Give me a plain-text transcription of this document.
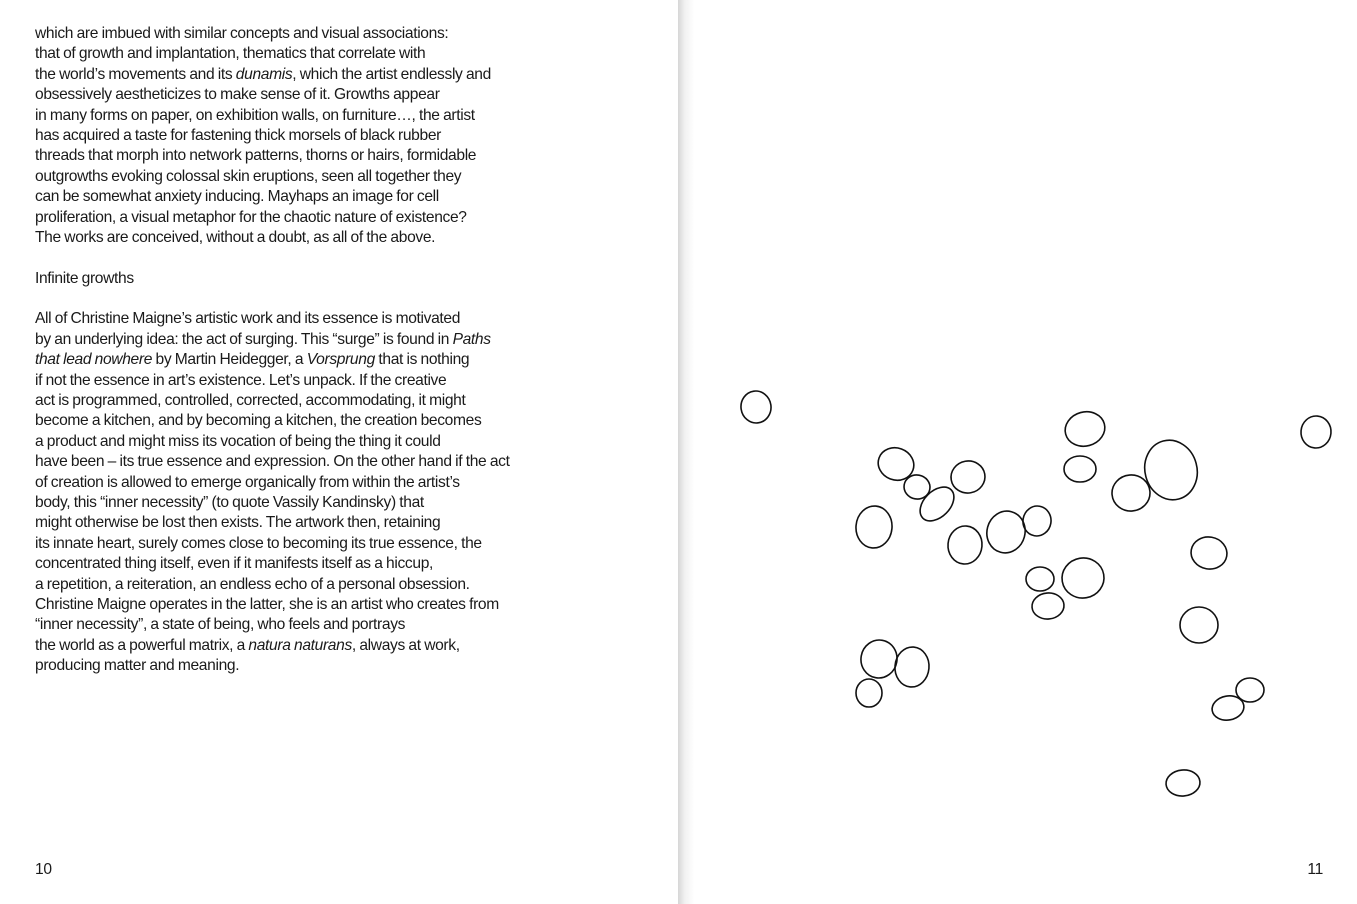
which are imbued with similar concepts and visual associations:
that of growth and implantation, thematics that correlate with
the world’s movements and its dunamis, which the artist endlessly and
obsessively aestheticizes to make sense of it. Growths appear
in many forms on paper, on exhibition walls, on furniture…, the artist
has acquired a taste for fastening thick morsels of black rubber
threads that morph into network patterns, thorns or hairs, formidable
outgrowths evoking colossal skin eruptions, seen all together they
can be somewhat anxiety inducing. Mayhaps an image for cell
proliferation, a visual metaphor for the chaotic nature of existence?
The works are conceived, without a doubt, as all of the above.
Infinite growths
All of Christine Maigne’s artistic work and its essence is motivated
by an underlying idea: the act of surging. This “surge” is found in Paths
that lead nowhere by Martin Heidegger, a Vorsprung that is nothing
if not the essence in art’s existence. Let’s unpack. If the creative
act is programmed, controlled, corrected, accommodating, it might
become a kitchen, and by becoming a kitchen, the creation becomes
a product and might miss its vocation of being the thing it could
have been – its true essence and expression. On the other hand if the act
of creation is allowed to emerge organically from within the artist’s
body, this “inner necessity” (to quote Vassily Kandinsky) that
might otherwise be lost then exists. The artwork then, retaining
its innate heart, surely comes close to becoming its true essence, the
concentrated thing itself, even if it manifests itself as a hiccup,
a repetition, a reiteration, an endless echo of a personal obsession.
Christine Maigne operates in the latter, she is an artist who creates from
“inner necessity”, a state of being, who feels and portrays
the world as a powerful matrix, a natura naturans, always at work,
producing matter and meaning.
10	11
